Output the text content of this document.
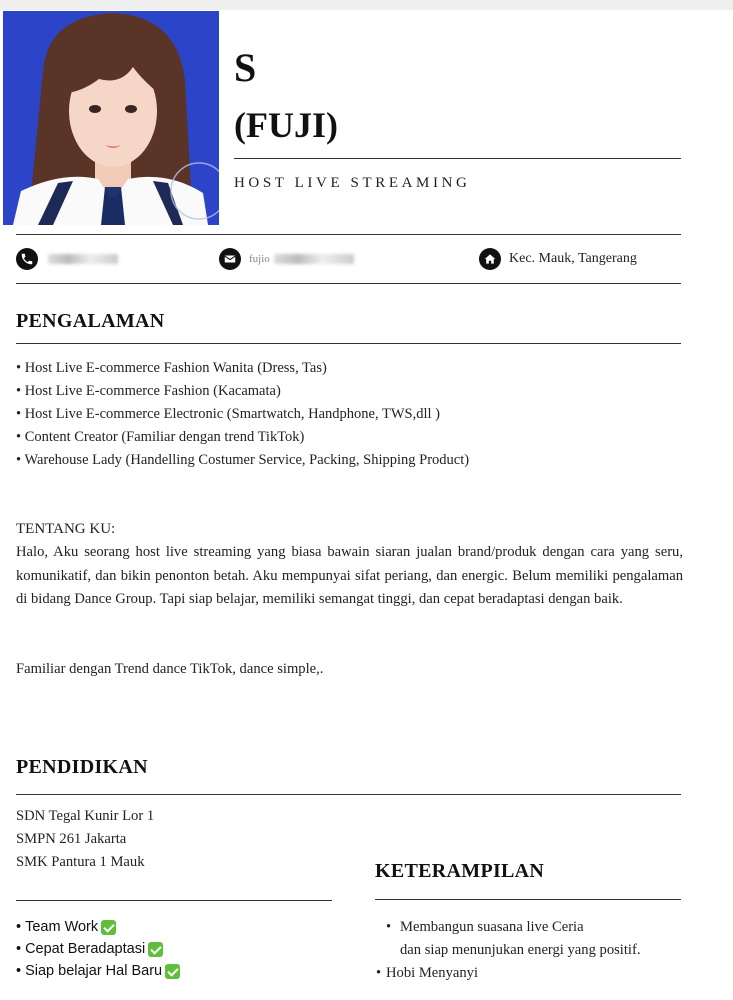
S
(FUJI)
HOST LIVE STREAMING
fujio	Kec. Mauk, Tangerang
PENGALAMAN
• Host Live E-commerce Fashion Wanita (Dress, Tas)
• Host Live E-commerce Fashion (Kacamata)
• Host Live E-commerce Electronic (Smartwatch, Handphone, TWS,dll )
• Content Creator (Familiar dengan trend TikTok)
• Warehouse Lady (Handelling Costumer Service, Packing, Shipping Product)
TENTANG KU:
Halo, Aku seorang host live streaming yang biasa bawain siaran jualan brand/produk dengan cara yang seru, komunikatif, dan bikin penonton betah. Aku mempunyai sifat periang, dan energic. Belum memiliki pengalaman di bidang Dance Group. Tapi siap belajar, memiliki semangat tinggi, dan cepat beradaptasi dengan baik.
Familiar dengan Trend dance TikTok, dance simple,.
PENDIDIKAN
SDN Tegal Kunir Lor 1
SMPN 261 Jakarta
SMK Pantura 1 Mauk
• Team Work
• Cepat Beradaptasi
• Siap belajar Hal Baru
KETERAMPILAN
• Membangun suasana live Ceria
dan siap menunjukan energi yang positif.
• Hobi Menyanyi
